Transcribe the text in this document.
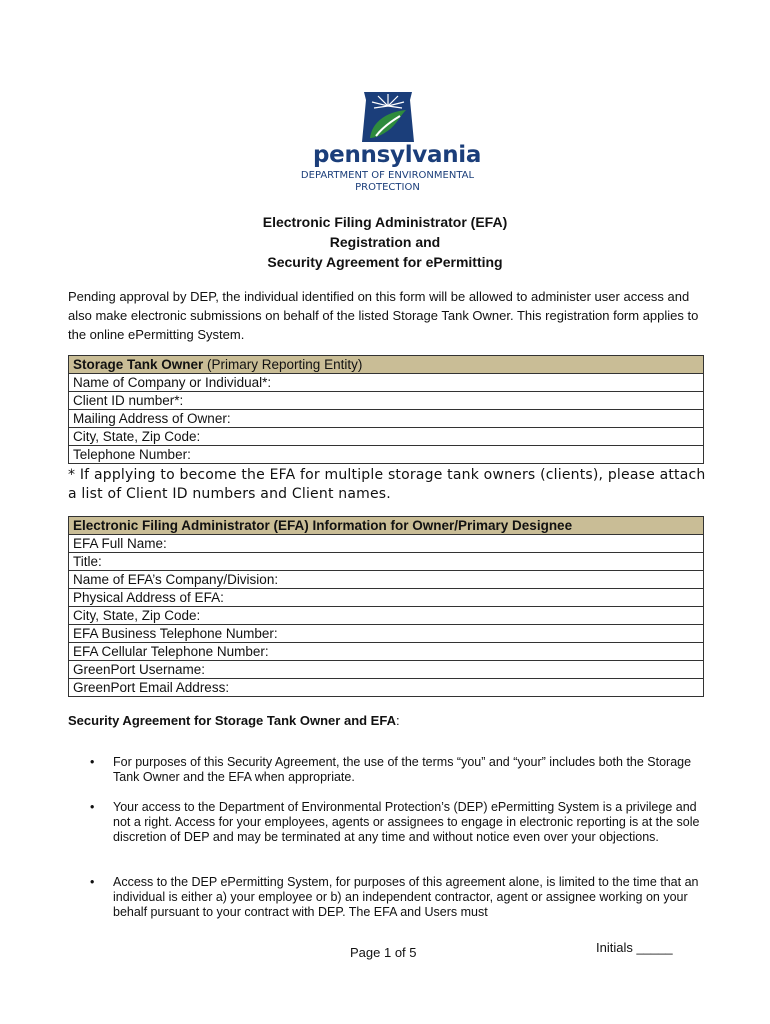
pennsylvania
DEPARTMENT OF ENVIRONMENTAL
PROTECTION
Electronic Filing Administrator (EFA)
Registration and
Security Agreement for ePermitting
Pending approval by DEP, the individual identified on this form will be allowed to administer user access and also make electronic submissions on behalf of the listed Storage Tank Owner. This registration form applies to the online ePermitting System.
Storage Tank Owner (Primary Reporting Entity)
Name of Company or Individual*:
Client ID number*:
Mailing Address of Owner:
City, State, Zip Code:
Telephone Number:
* If applying to become the EFA for multiple storage tank owners (clients), please attach a list of Client ID numbers and Client names.
Electronic Filing Administrator (EFA) Information for Owner/Primary Designee
EFA Full Name:
Title:
Name of EFA’s Company/Division:
Physical Address of EFA:
City, State, Zip Code:
EFA Business Telephone Number:
EFA Cellular Telephone Number:
GreenPort Username:
GreenPort Email Address:
Security Agreement for Storage Tank Owner and EFA:
• For purposes of this Security Agreement, the use of the terms “you” and “your” includes both the Storage Tank Owner and the EFA when appropriate.
• Your access to the Department of Environmental Protection’s (DEP) ePermitting System is a privilege and not a right. Access for your employees, agents or assignees to engage in electronic reporting is at the sole discretion of DEP and may be terminated at any time and without notice even over your objections.
• Access to the DEP ePermitting System, for purposes of this agreement alone, is limited to the time that an individual is either a) your employee or b) an independent contractor, agent or assignee working on your behalf pursuant to your contract with DEP. The EFA and Users must
Page 1 of 5	Initials _____
